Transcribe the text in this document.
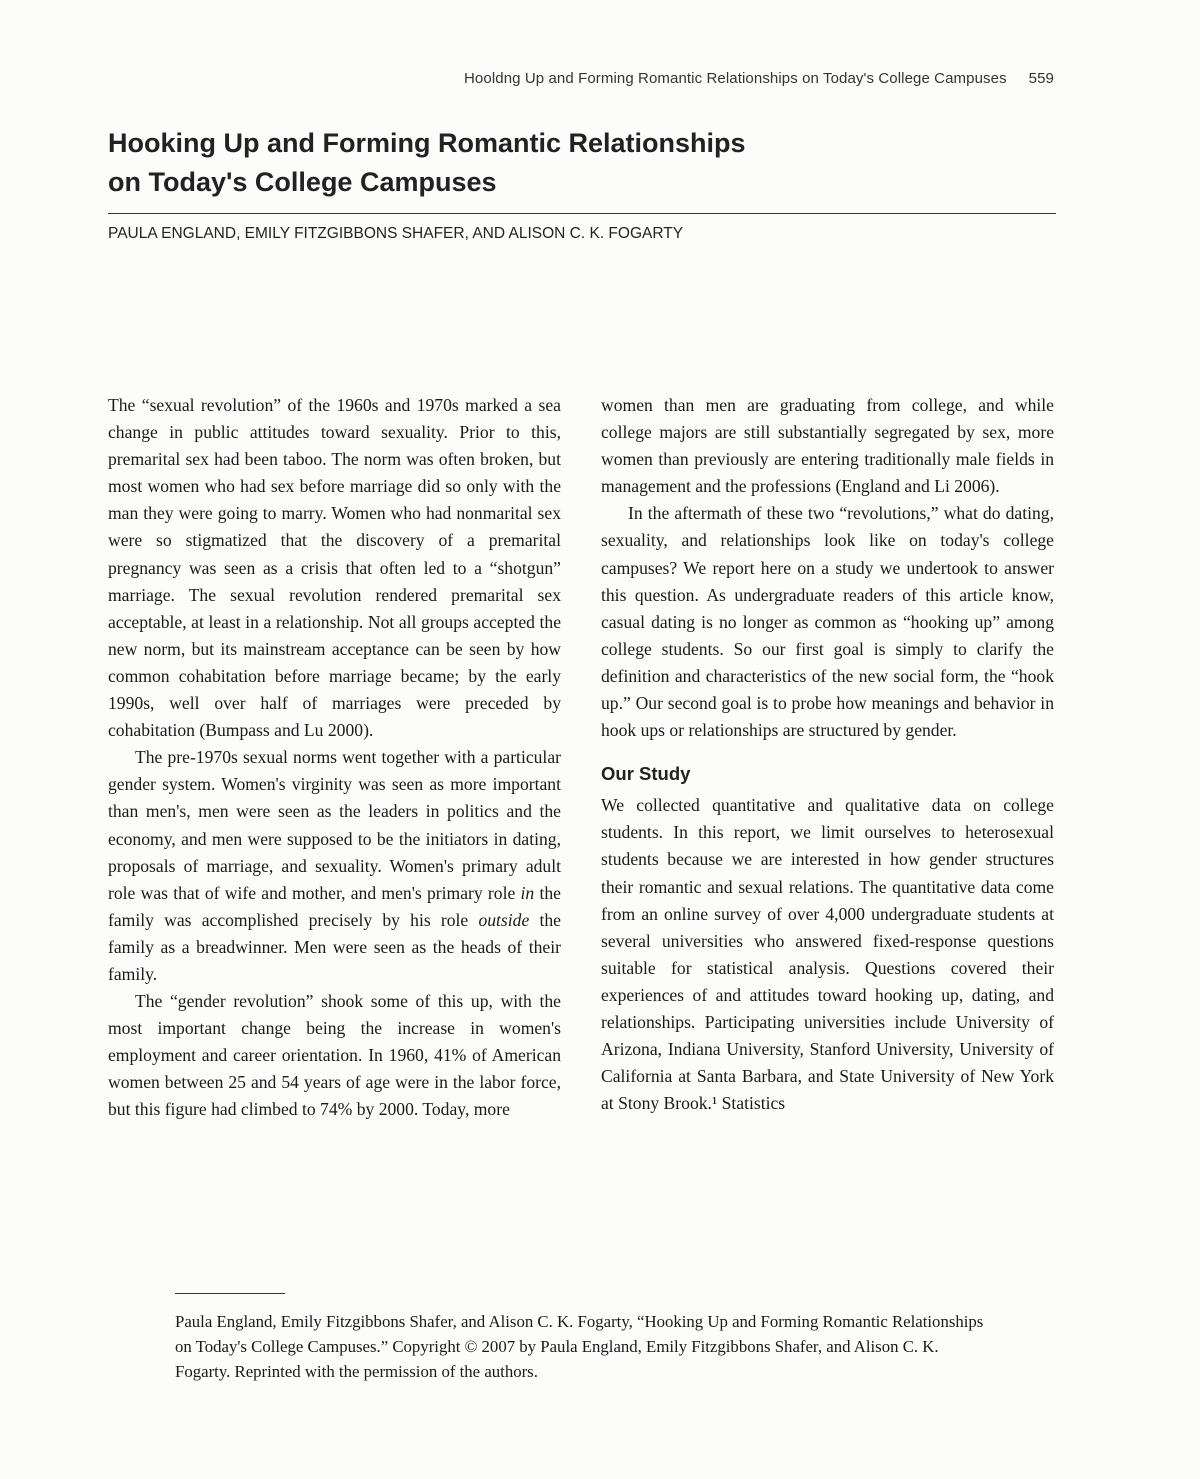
Hooldng Up and Forming Romantic Relationships on Today's College Campuses 559
Hooking Up and Forming Romantic Relationships
on Today's College Campuses
PAULA ENGLAND, EMILY FITZGIBBONS SHAFER, AND ALISON C. K. FOGARTY

The “sexual revolution” of the 1960s and 1970s marked a sea change in public attitudes toward sexuality. Prior to this, premarital sex had been taboo. The norm was often broken, but most women who had sex before marriage did so only with the man they were going to marry. Women who had nonmarital sex were so stigmatized that the discovery of a premarital pregnancy was seen as a crisis that often led to a “shotgun” marriage. The sexual revolution rendered premarital sex acceptable, at least in a relationship. Not all groups accepted the new norm, but its mainstream acceptance can be seen by how common cohabitation before marriage became; by the early 1990s, well over half of marriages were preceded by cohabitation (Bumpass and Lu 2000).

The pre-1970s sexual norms went together with a particular gender system. Women's virginity was seen as more important than men's, men were seen as the leaders in politics and the economy, and men were supposed to be the initiators in dating, proposals of marriage, and sexuality. Women's primary adult role was that of wife and mother, and men's primary role in the family was accomplished precisely by his role outside the family as a breadwinner. Men were seen as the heads of their family.

The “gender revolution” shook some of this up, with the most important change being the increase in women's employment and career orientation. In 1960, 41% of American women between 25 and 54 years of age were in the labor force, but this figure had climbed to 74% by 2000. Today, more

women than men are graduating from college, and while college majors are still substantially segregated by sex, more women than previously are entering traditionally male fields in management and the professions (England and Li 2006).

In the aftermath of these two “revolutions,” what do dating, sexuality, and relationships look like on today's college campuses? We report here on a study we undertook to answer this question. As undergraduate readers of this article know, casual dating is no longer as common as “hooking up” among college students. So our first goal is simply to clarify the definition and characteristics of the new social form, the “hook up.” Our second goal is to probe how meanings and behavior in hook ups or relationships are structured by gender.

Our Study

We collected quantitative and qualitative data on college students. In this report, we limit ourselves to heterosexual students because we are interested in how gender structures their romantic and sexual relations. The quantitative data come from an online survey of over 4,000 undergraduate students at several universities who answered fixed-response questions suitable for statistical analysis. Questions covered their experiences of and attitudes toward hooking up, dating, and relationships. Participating universities include University of Arizona, Indiana University, Stanford University, University of California at Santa Barbara, and State University of New York at Stony Brook.¹ Statistics

Paula England, Emily Fitzgibbons Shafer, and Alison C. K. Fogarty, “Hooking Up and Forming Romantic Relationships on Today's College Campuses.” Copyright © 2007 by Paula England, Emily Fitzgibbons Shafer, and Alison C. K. Fogarty. Reprinted with the permission of the authors.
